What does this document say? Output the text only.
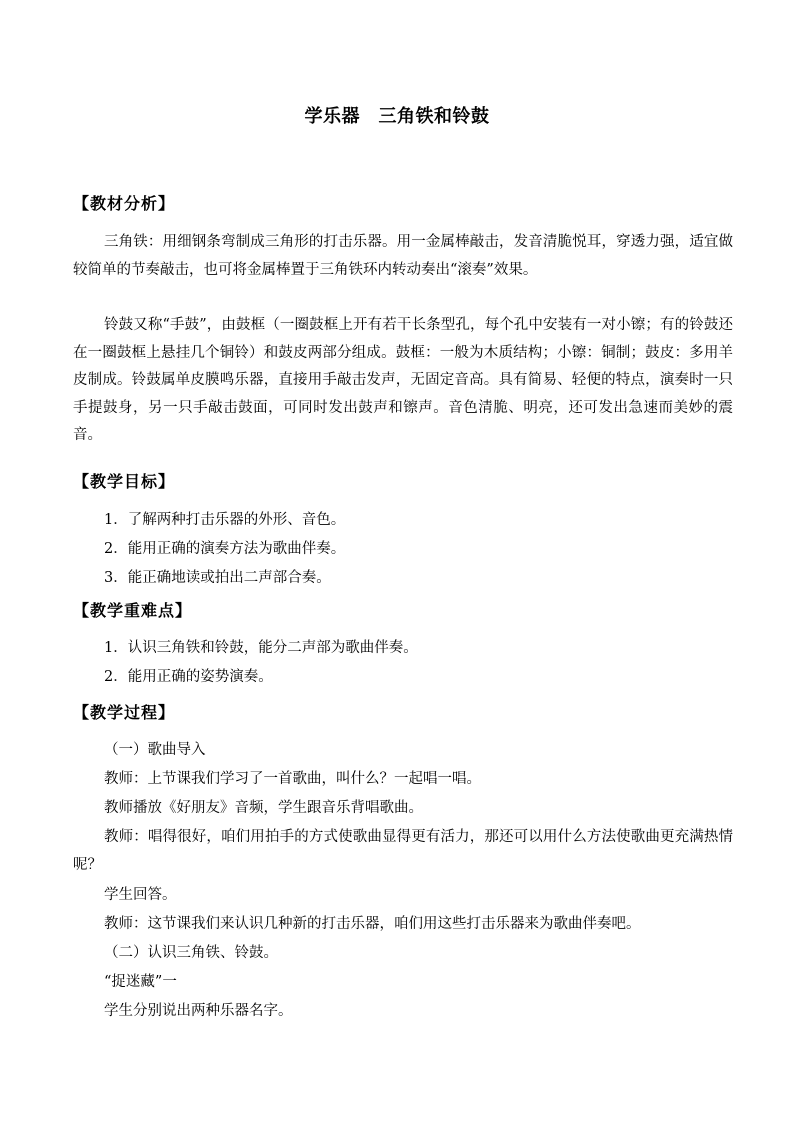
学乐器　三角铁和铃鼓
【教材分析】
三角铁：用细钢条弯制成三角形的打击乐器。用一金属棒敲击，发音清脆悦耳，穿透力强，适宜做较简单的节奏敲击，也可将金属棒置于三角铁环内转动奏出“滚奏”效果。
铃鼓又称“手鼓”，由鼓框（一圈鼓框上开有若干长条型孔，每个孔中安装有一对小镲；有的铃鼓还在一圈鼓框上悬挂几个铜铃）和鼓皮两部分组成。鼓框：一般为木质结构；小镲：铜制；鼓皮：多用羊皮制成。铃鼓属单皮膜鸣乐器，直接用手敲击发声，无固定音高。具有简易、轻便的特点，演奏时一只手提鼓身，另一只手敲击鼓面，可同时发出鼓声和镲声。音色清脆、明亮，还可发出急速而美妙的震音。
【教学目标】
1．了解两种打击乐器的外形、音色。
2．能用正确的演奏方法为歌曲伴奏。
3．能正确地读或拍出二声部合奏。
【教学重难点】
1．认识三角铁和铃鼓，能分二声部为歌曲伴奏。
2．能用正确的姿势演奏。
【教学过程】
（一）歌曲导入
教师：上节课我们学习了一首歌曲，叫什么？一起唱一唱。
教师播放《好朋友》音频，学生跟音乐背唱歌曲。
教师：唱得很好，咱们用拍手的方式使歌曲显得更有活力，那还可以用什么方法使歌曲更充满热情呢？
学生回答。
教师：这节课我们来认识几种新的打击乐器，咱们用这些打击乐器来为歌曲伴奏吧。
（二）认识三角铁、铃鼓。
“捉迷藏”一
学生分别说出两种乐器名字。
